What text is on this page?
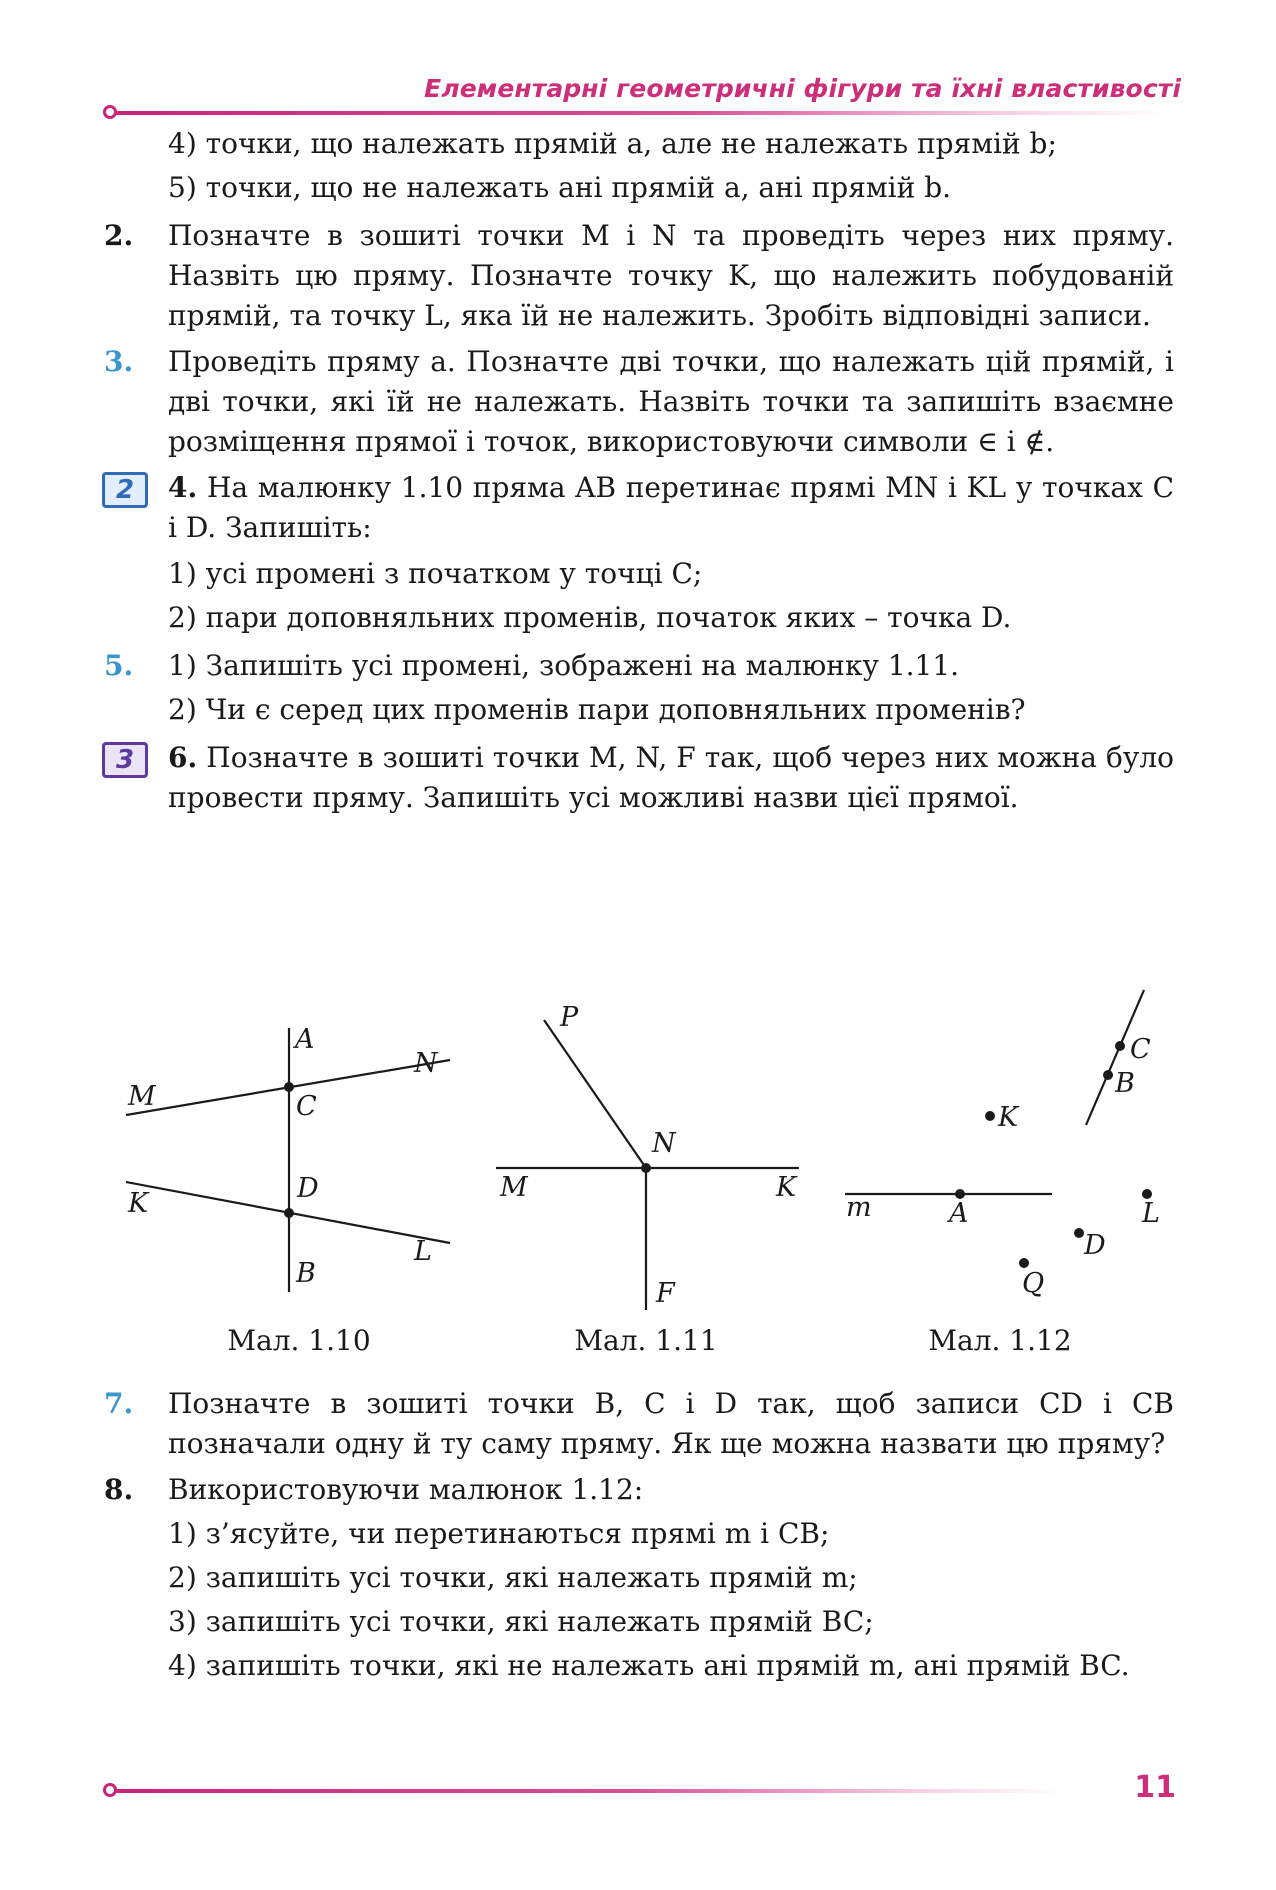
Елементарні геометричні фігури та їхні властивості
4) точки, що належать прямій a, але не належать прямій b;
5) точки, що не належать ані прямій a, ані прямій b.
2.	Позначте в зошиті точки M і N та проведіть через них пряму. Назвіть цю пряму. Позначте точку K, що належить побудованій прямій, та точку L, яка їй не належить. Зробіть відповідні записи.
3.	Проведіть пряму a. Позначте дві точки, що належать цій прямій, і дві точки, які їй не належать. Назвіть точки та запишіть взаємне розміщення прямої і точок, використовуючи символи ∈ і ∉.
2	4. На малюнку 1.10 пряма AB перетинає прямі MN і KL у точках C і D. Запишіть:
1) усі промені з початком у точці C;
2) пари доповняльних променів, початок яких – точка D.
5.	1) Запишіть усі промені, зображені на малюнку 1.11.
2) Чи є серед цих променів пари доповняльних променів?
3	6. Позначте в зошиті точки M, N, F так, щоб через них можна було провести пряму. Запишіть усі можливі назви цієї прямої.
A
N
M	C
K	D
B
L
P
N
M	K
F
C
B
K
m	A	L
D
Q
Мал. 1.10	Мал. 1.11	Мал. 1.12
7.	Позначте в зошиті точки B, C і D так, щоб записи CD і CB позначали одну й ту саму пряму. Як ще можна назвати цю пряму?
8.	Використовуючи малюнок 1.12:
1) з’ясуйте, чи перетинаються прямі m і CB;
2) запишіть усі точки, які належать прямій m;
3) запишіть усі точки, які належать прямій BC;
4) запишіть точки, які не належать ані прямій m, ані прямій BC.
11
